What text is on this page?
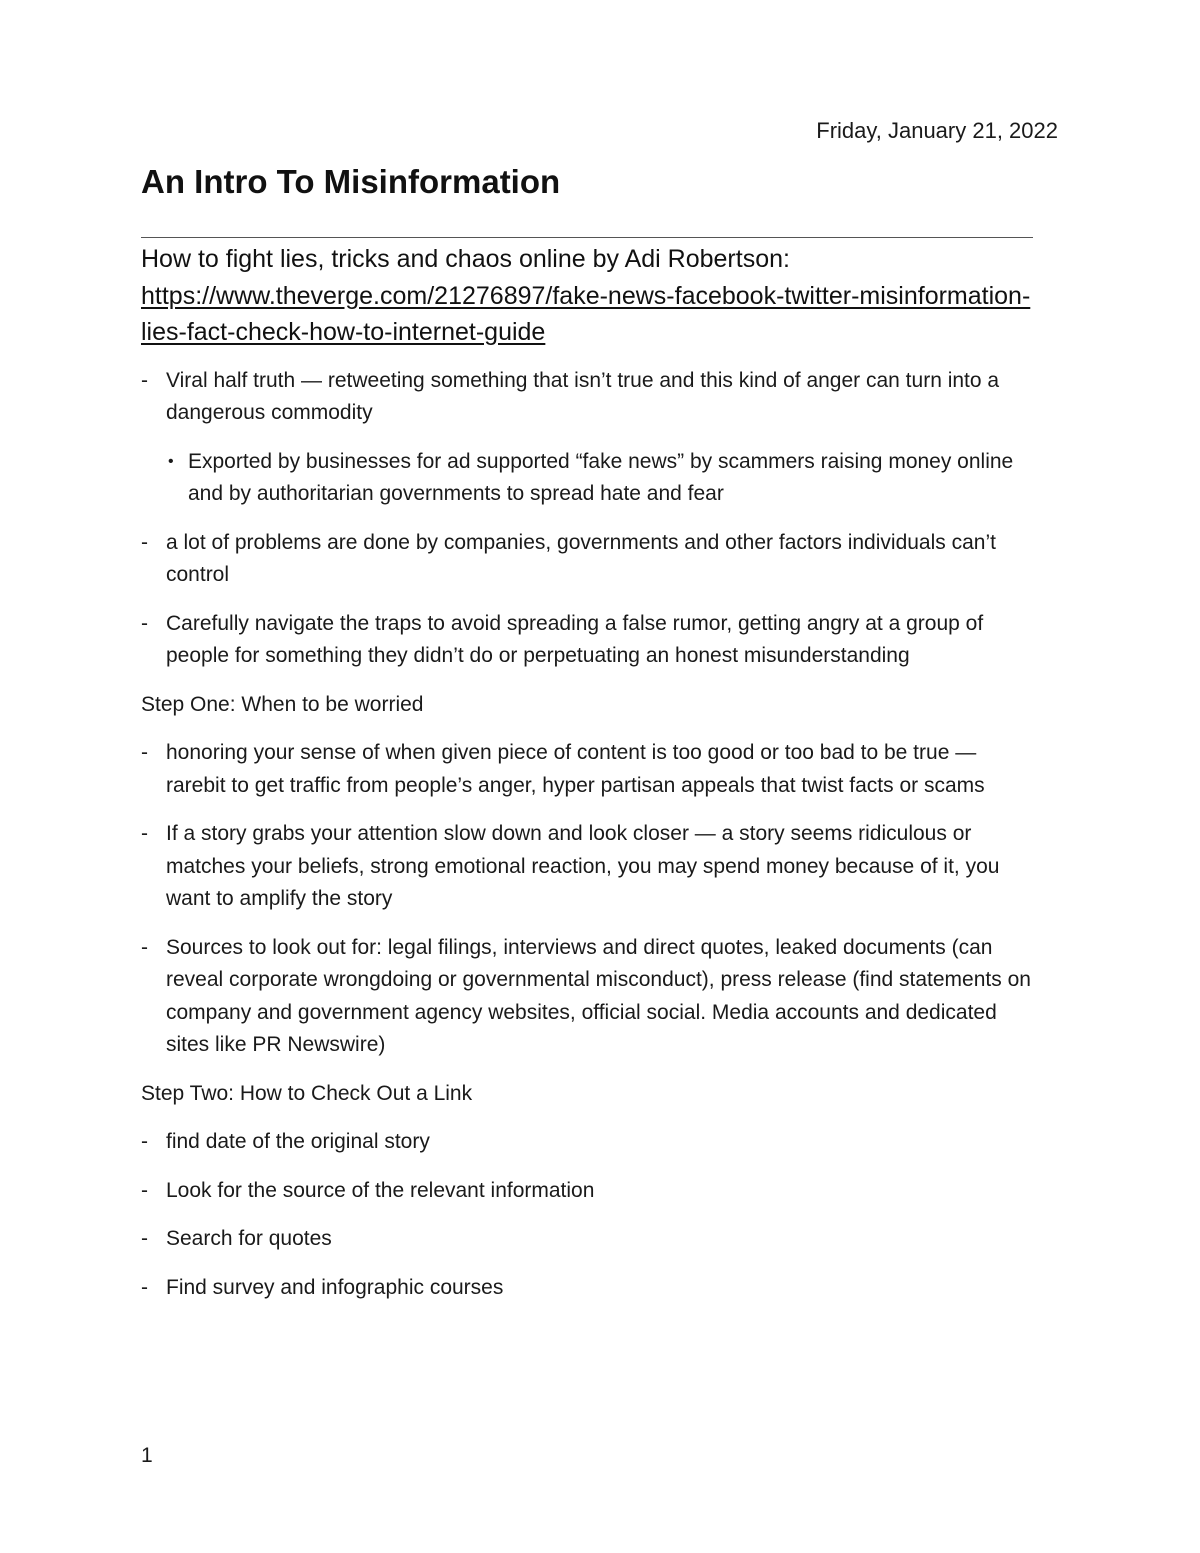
Friday, January 21, 2022
An Intro To Misinformation

How to fight lies, tricks and chaos online by Adi Robertson: https://www.theverge.com/21276897/fake-news-facebook-twitter-misinformation-lies-fact-check-how-to-internet-guide

- Viral half truth — retweeting something that isn’t true and this kind of anger can turn into a dangerous commodity
• Exported by businesses for ad supported “fake news” by scammers raising money online and by authoritarian governments to spread hate and fear
- a lot of problems are done by companies, governments and other factors individuals can’t control
- Carefully navigate the traps to avoid spreading a false rumor, getting angry at a group of people for something they didn’t do or perpetuating an honest misunderstanding

Step One: When to be worried

- honoring your sense of when given piece of content is too good or too bad to be true — rarebit to get traffic from people’s anger, hyper partisan appeals that twist facts or scams
- If a story grabs your attention slow down and look closer — a story seems ridiculous or matches your beliefs, strong emotional reaction, you may spend money because of it, you want to amplify the story
- Sources to look out for: legal filings, interviews and direct quotes, leaked documents (can reveal corporate wrongdoing or governmental misconduct), press release (find statements on company and government agency websites, official social. Media accounts and dedicated sites like PR Newswire)

Step Two: How to Check Out a Link

- find date of the original story
- Look for the source of the relevant information
- Search for quotes
- Find survey and infographic courses
1
